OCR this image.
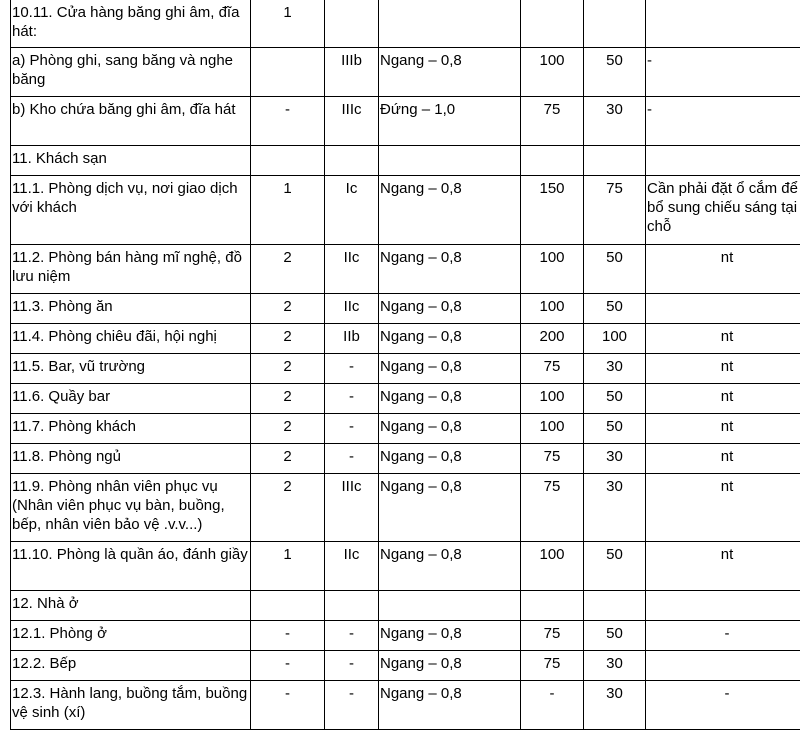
10.11. Cửa hàng băng ghi âm, đĩa hát:	1					
a) Phòng ghi, sang băng và nghe băng		IIIb	Ngang – 0,8	100	50	-
b) Kho chứa băng ghi âm, đĩa hát	-	IIIc	Đứng – 1,0	75	30	-
11. Khách sạn						
11.1. Phòng dịch vụ, nơi giao dịch với khách	1	Ic	Ngang – 0,8	150	75	Cần phải đặt ổ cắm để bổ sung chiếu sáng tại chỗ
11.2. Phòng bán hàng mĩ nghệ, đồ lưu niệm	2	IIc	Ngang – 0,8	100	50	nt
11.3. Phòng ăn	2	IIc	Ngang – 0,8	100	50	
11.4. Phòng chiêu đãi, hội nghị	2	IIb	Ngang – 0,8	200	100	nt
11.5. Bar, vũ trường	2	-	Ngang – 0,8	75	30	nt
11.6. Quầy bar	2	-	Ngang – 0,8	100	50	nt
11.7. Phòng khách	2	-	Ngang – 0,8	100	50	nt
11.8. Phòng ngủ	2	-	Ngang – 0,8	75	30	nt
11.9. Phòng nhân viên phục vụ (Nhân viên phục vụ bàn, buồng, bếp, nhân viên bảo vệ .v.v...)	2	IIIc	Ngang – 0,8	75	30	nt
11.10. Phòng là quần áo, đánh giầy	1	IIc	Ngang – 0,8	100	50	nt
12. Nhà ở						
12.1. Phòng ở	-	-	Ngang – 0,8	75	50	-
12.2. Bếp	-	-	Ngang – 0,8	75	30	
12.3. Hành lang, buồng tắm, buồng vệ sinh (xí)	-	-	Ngang – 0,8	-	30	-
